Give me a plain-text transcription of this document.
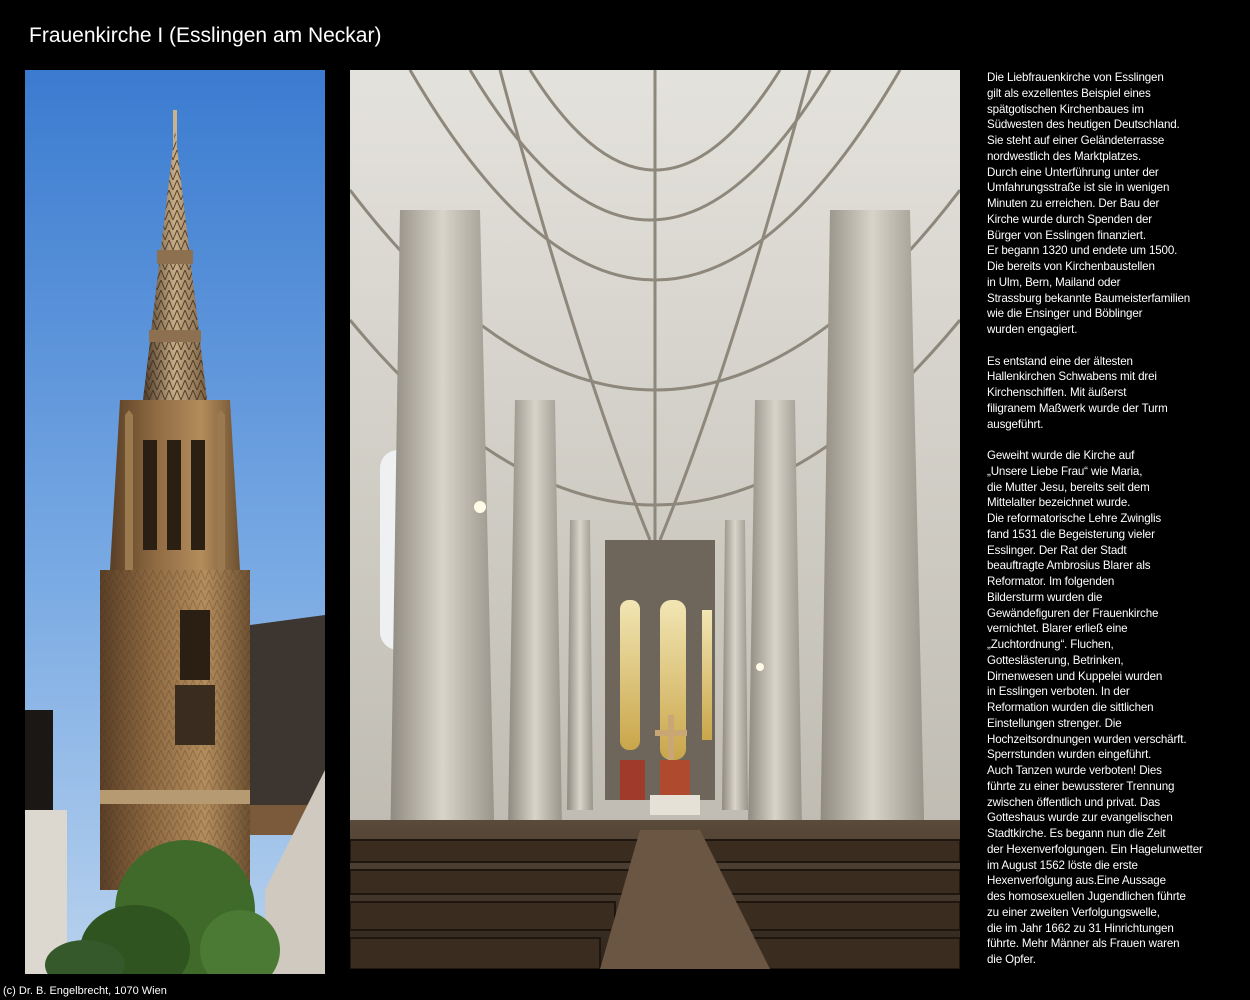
Frauenkirche I (Esslingen am Neckar)

Die Liebfrauenkirche von Esslingen
gilt als exzellentes Beispiel eines
spätgotischen Kirchenbaues im
Südwesten des heutigen Deutschland.
Sie steht auf einer Geländeterrasse
nordwestlich des Marktplatzes.
Durch eine Unterführung unter der
Umfahrungsstraße ist sie in wenigen
Minuten zu erreichen. Der Bau der
Kirche wurde durch Spenden der
Bürger von Esslingen finanziert.
Er begann 1320 und endete um 1500.
Die bereits von Kirchenbaustellen
in Ulm, Bern, Mailand oder
Strassburg bekannte Baumeisterfamilien
wie die Ensinger und Böblinger
wurden engagiert.

Es entstand eine der ältesten
Hallenkirchen Schwabens mit drei
Kirchenschiffen. Mit äußerst
filigranem Maßwerk wurde der Turm
ausgeführt.

Geweiht wurde die Kirche auf
„Unsere Liebe Frau“ wie Maria,
die Mutter Jesu, bereits seit dem
Mittelalter bezeichnet wurde.
Die reformatorische Lehre Zwinglis
fand 1531 die Begeisterung vieler
Esslinger. Der Rat der Stadt
beauftragte Ambrosius Blarer als
Reformator. Im folgenden
Bildersturm wurden die
Gewändefiguren der Frauenkirche
vernichtet. Blarer erließ eine
„Zuchtordnung“. Fluchen,
Gotteslästerung, Betrinken,
Dirnenwesen und Kuppelei wurden
in Esslingen verboten. In der
Reformation wurden die sittlichen
Einstellungen strenger. Die
Hochzeitsordnungen wurden verschärft.
Sperrstunden wurden eingeführt.
Auch Tanzen wurde verboten! Dies
führte zu einer bewussterer Trennung
zwischen öffentlich und privat. Das
Gotteshaus wurde zur evangelischen
Stadtkirche. Es begann nun die Zeit
der Hexenverfolgungen. Ein Hagelunwetter
im August 1562 löste die erste
Hexenverfolgung aus.Eine Aussage
des homosexuellen Jugendlichen führte
zu einer zweiten Verfolgungswelle,
die im Jahr 1662 zu 31 Hinrichtungen
führte. Mehr Männer als Frauen waren
die Opfer.

(c) Dr. B. Engelbrecht, 1070 Wien
